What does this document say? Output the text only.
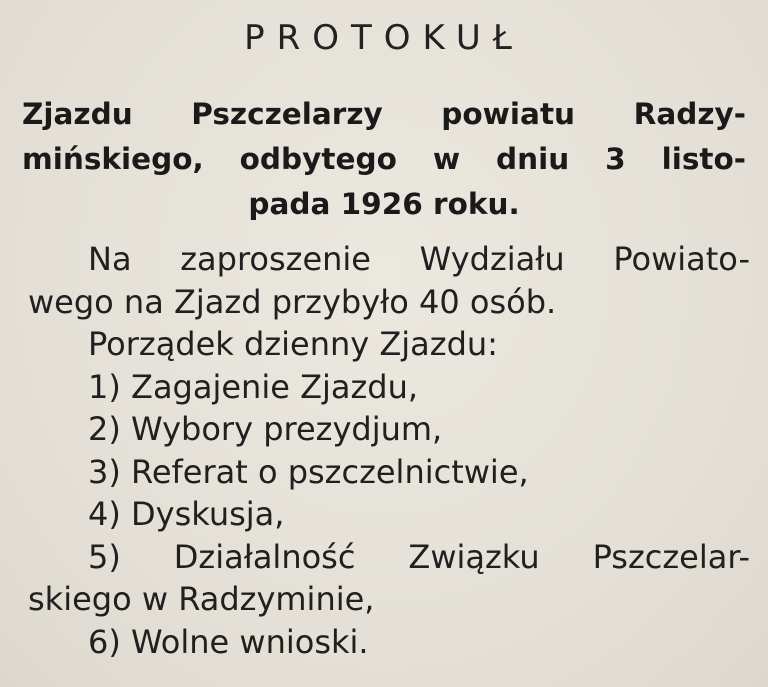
PROTOKUŁ
Zjazdu Pszczelarzy powiatu Radzy-
mińskiego, odbytego w dniu 3 listo-
pada 1926 roku.
Na zaproszenie Wydziału Powiato-
wego na Zjazd przybyło 40 osób.
Porządek dzienny Zjazdu:
1) Zagajenie Zjazdu,
2) Wybory prezydjum,
3) Referat o pszczelnictwie,
4) Dyskusja,
5) Działalność Związku Pszczelar-
skiego w Radzyminie,
6) Wolne wnioski.
